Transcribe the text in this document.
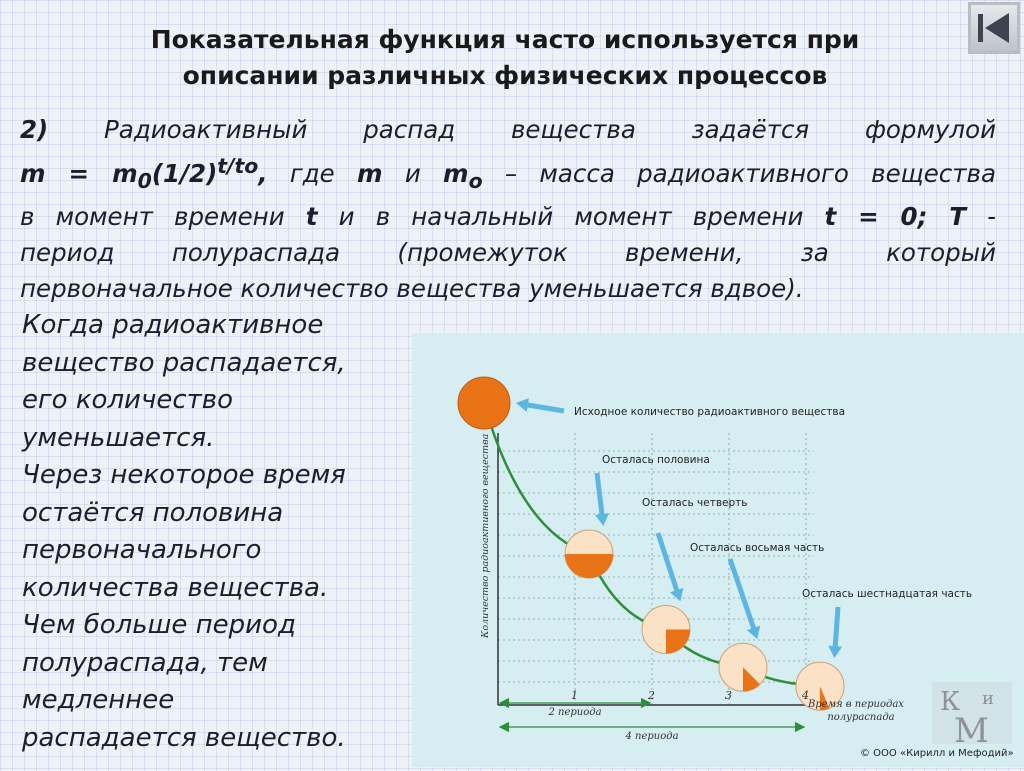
Показательная функция часто используется при
описании различных физических процессов
2) Радиоактивный распад вещества задаётся формулой
$m = m_0(1/2)^{t/to}$, где m и $m_o$ – масса радиоактивного вещества
в момент времени t и в начальный момент времени t = 0; T -
период полураспада (промежуток времени, за который
первоначальное количество вещества уменьшается вдвое).
Когда радиоактивное
вещество распадается,
его количество
уменьшается.
Через некоторое время
остаётся половина
первоначального
количества вещества.
Чем больше период
полураспада, тем
медленнее
распадается вещество.
Количество радиоактивного вещества
Время в периодах полураспада
1	2	3	4
Исходное количество радиоактивного вещества
Осталась половина
Осталась четверть
Осталась восьмая часть
Осталась шестнадцатая часть
2 периода
4 периода
© ООО «Кирилл и Мефодий»
К и
М
